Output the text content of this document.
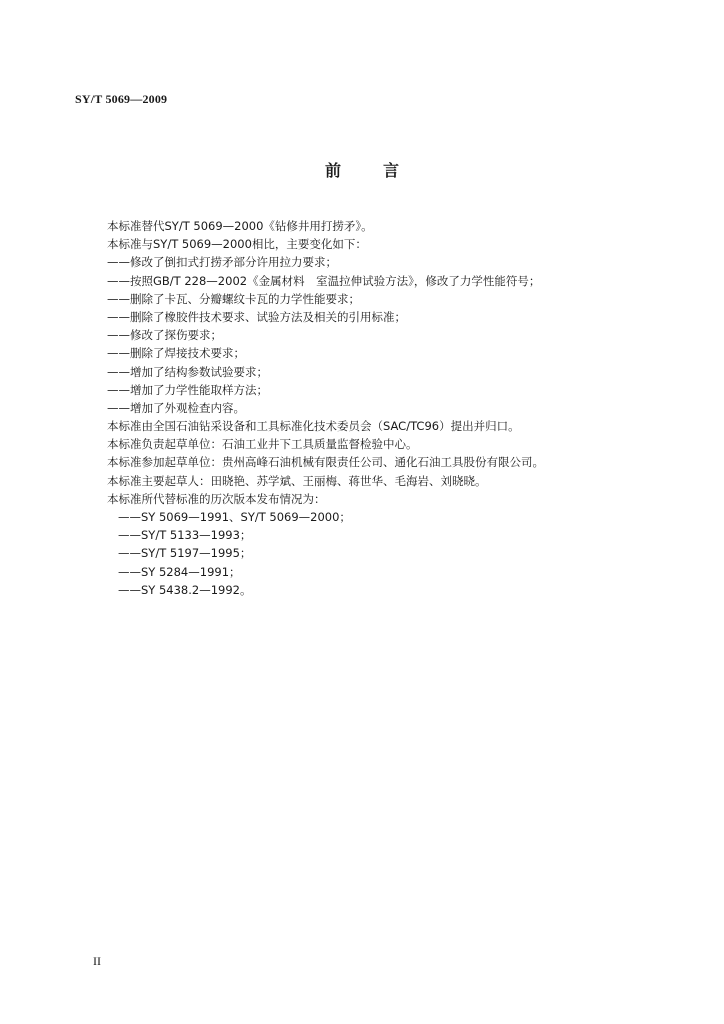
SY/T 5069—2009
前	言
本标准替代SY/T 5069—2000《钻修井用打捞矛》。
本标准与SY/T 5069—2000相比，主要变化如下：
——修改了倒扣式打捞矛部分许用拉力要求；
——按照GB/T 228—2002《金属材料　室温拉伸试验方法》，修改了力学性能符号；
——删除了卡瓦、分瓣螺纹卡瓦的力学性能要求；
——删除了橡胶件技术要求、试验方法及相关的引用标准；
——修改了探伤要求；
——删除了焊接技术要求；
——增加了结构参数试验要求；
——增加了力学性能取样方法；
——增加了外观检查内容。
本标准由全国石油钻采设备和工具标准化技术委员会（SAC/TC96）提出并归口。
本标准负责起草单位：石油工业井下工具质量监督检验中心。
本标准参加起草单位：贵州高峰石油机械有限责任公司、通化石油工具股份有限公司。
本标准主要起草人：田晓艳、苏学斌、王丽梅、蒋世华、毛海岩、刘晓晓。
本标准所代替标准的历次版本发布情况为：
——SY 5069—1991、SY/T 5069—2000；
——SY/T 5133—1993；
——SY/T 5197—1995；
——SY 5284—1991；
——SY 5438.2—1992。
II
